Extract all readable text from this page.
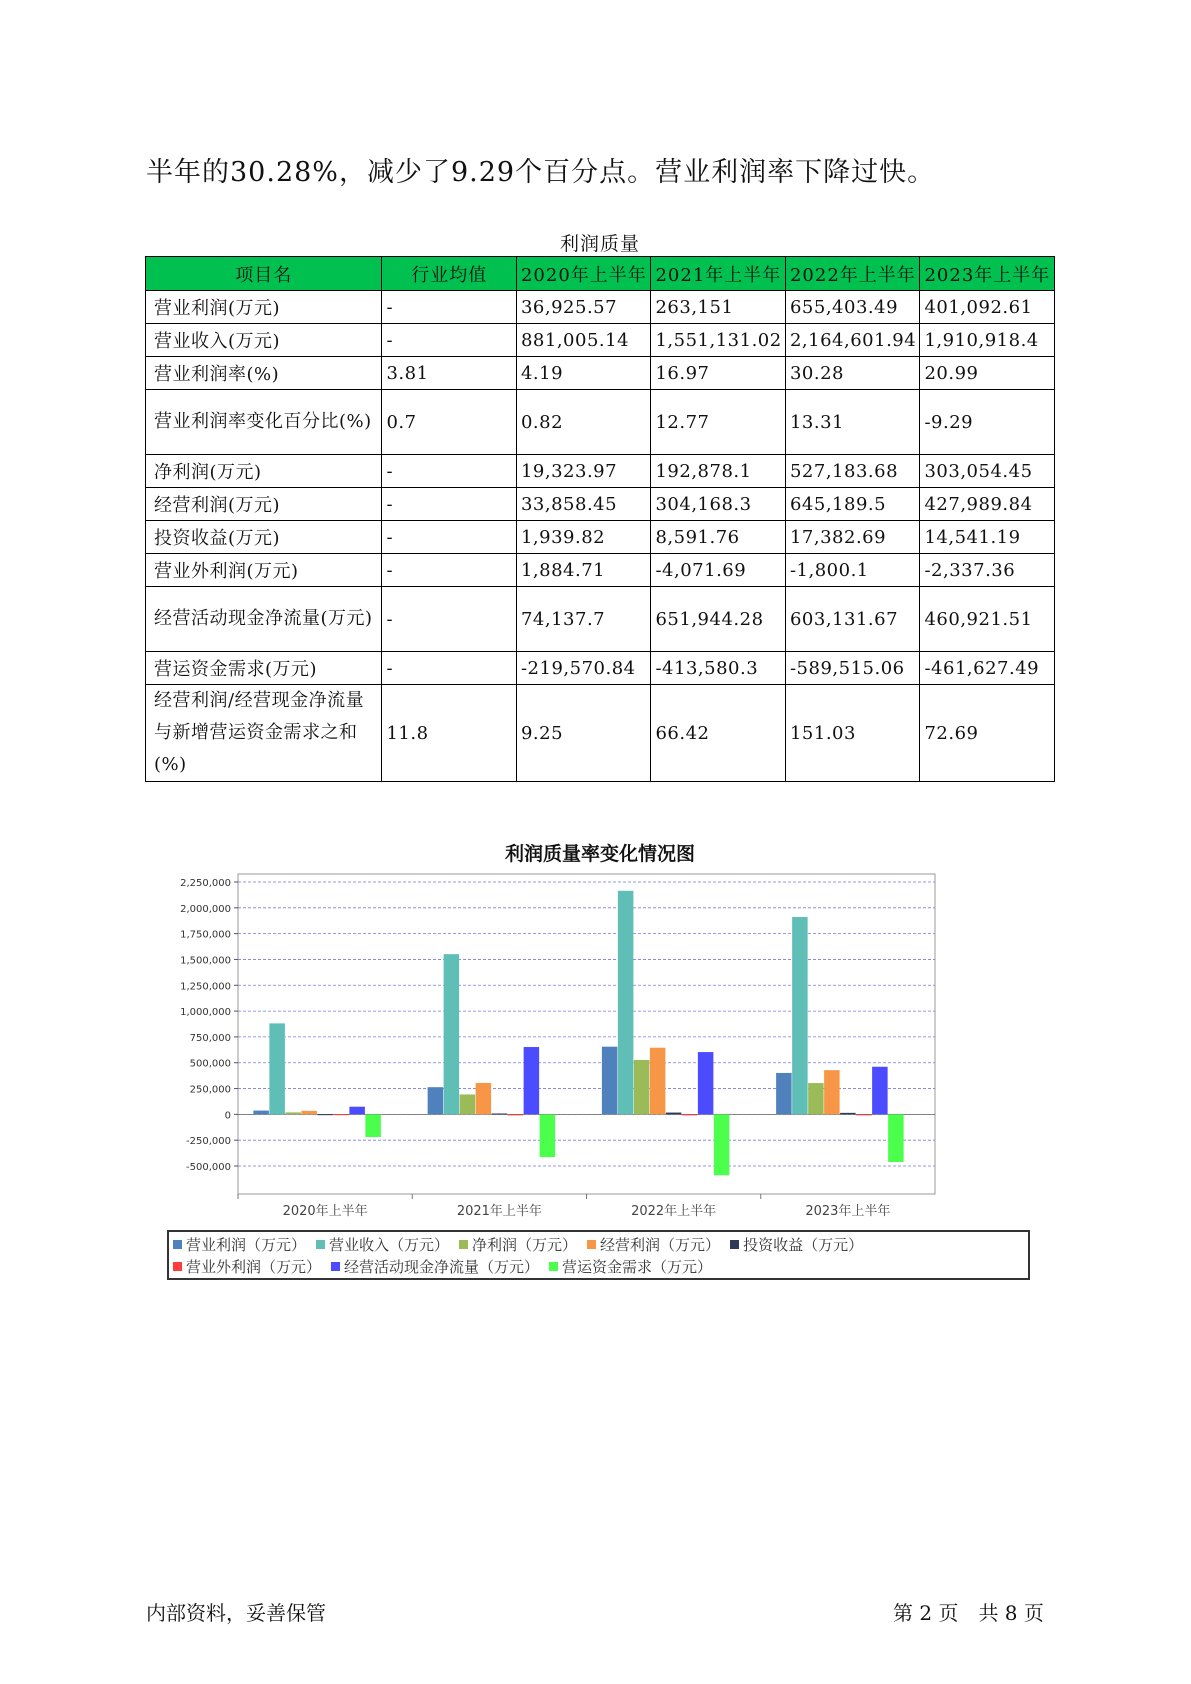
半年的30.28%，减少了9.29个百分点。营业利润率下降过快。
利润质量
项目名	行业均值	2020年上半年	2021年上半年	2022年上半年	2023年上半年
营业利润(万元)	-	36,925.57	263,151	655,403.49	401,092.61
营业收入(万元)	-	881,005.14	1,551,131.02	2,164,601.94	1,910,918.4
营业利润率(%)	3.81	4.19	16.97	30.28	20.99
营业利润率变化百分比(%)	0.7	0.82	12.77	13.31	-9.29
净利润(万元)	-	19,323.97	192,878.1	527,183.68	303,054.45
经营利润(万元)	-	33,858.45	304,168.3	645,189.5	427,989.84
投资收益(万元)	-	1,939.82	8,591.76	17,382.69	14,541.19
营业外利润(万元)	-	1,884.71	-4,071.69	-1,800.1	-2,337.36
经营活动现金净流量(万元)	-	74,137.7	651,944.28	603,131.67	460,921.51
营运资金需求(万元)	-	-219,570.84	-413,580.3	-589,515.06	-461,627.49
经营利润/经营现金净流量与新增营运资金需求之和(%)	11.8	9.25	66.42	151.03	72.69
利润质量率变化情况图
2,250,000
2,000,000
1,750,000
1,500,000
1,250,000
1,000,000
750,000
500,000
250,000
0
-250,000
-500,000
2020年上半年	2021年上半年	2022年上半年	2023年上半年
营业利润（万元） 营业收入（万元） 净利润（万元） 经营利润（万元） 投资收益（万元）营业外利润（万元） 经营活动现金净流量（万元） 营运资金需求（万元）
内部资料，妥善保管	第 2 页　共 8 页
